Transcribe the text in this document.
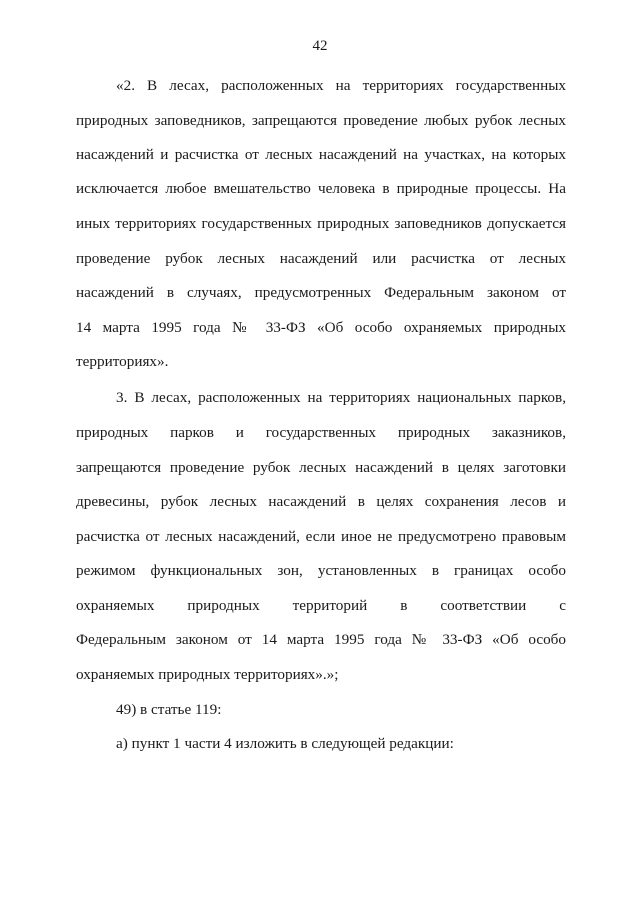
42
«2. В лесах, расположенных на территориях государственных
природных заповедников, запрещаются проведение любых рубок лесных
насаждений и расчистка от лесных насаждений на участках, на которых
исключается любое вмешательство человека в природные процессы. На
иных территориях государственных природных заповедников допускается
проведение рубок лесных насаждений или расчистка от лесных
насаждений в случаях, предусмотренных Федеральным законом от
14 марта 1995 года № 33-ФЗ «Об особо охраняемых природных
территориях».
3. В лесах, расположенных на территориях национальных парков,
природных парков и государственных природных заказников,
запрещаются проведение рубок лесных насаждений в целях заготовки
древесины, рубок лесных насаждений в целях сохранения лесов и
расчистка от лесных насаждений, если иное не предусмотрено правовым
режимом функциональных зон, установленных в границах особо
охраняемых природных территорий в соответствии с
Федеральным законом от 14 марта 1995 года № 33-ФЗ «Об особо
охраняемых природных территориях».»;
49) в статье 119:
а) пункт 1 части 4 изложить в следующей редакции:
